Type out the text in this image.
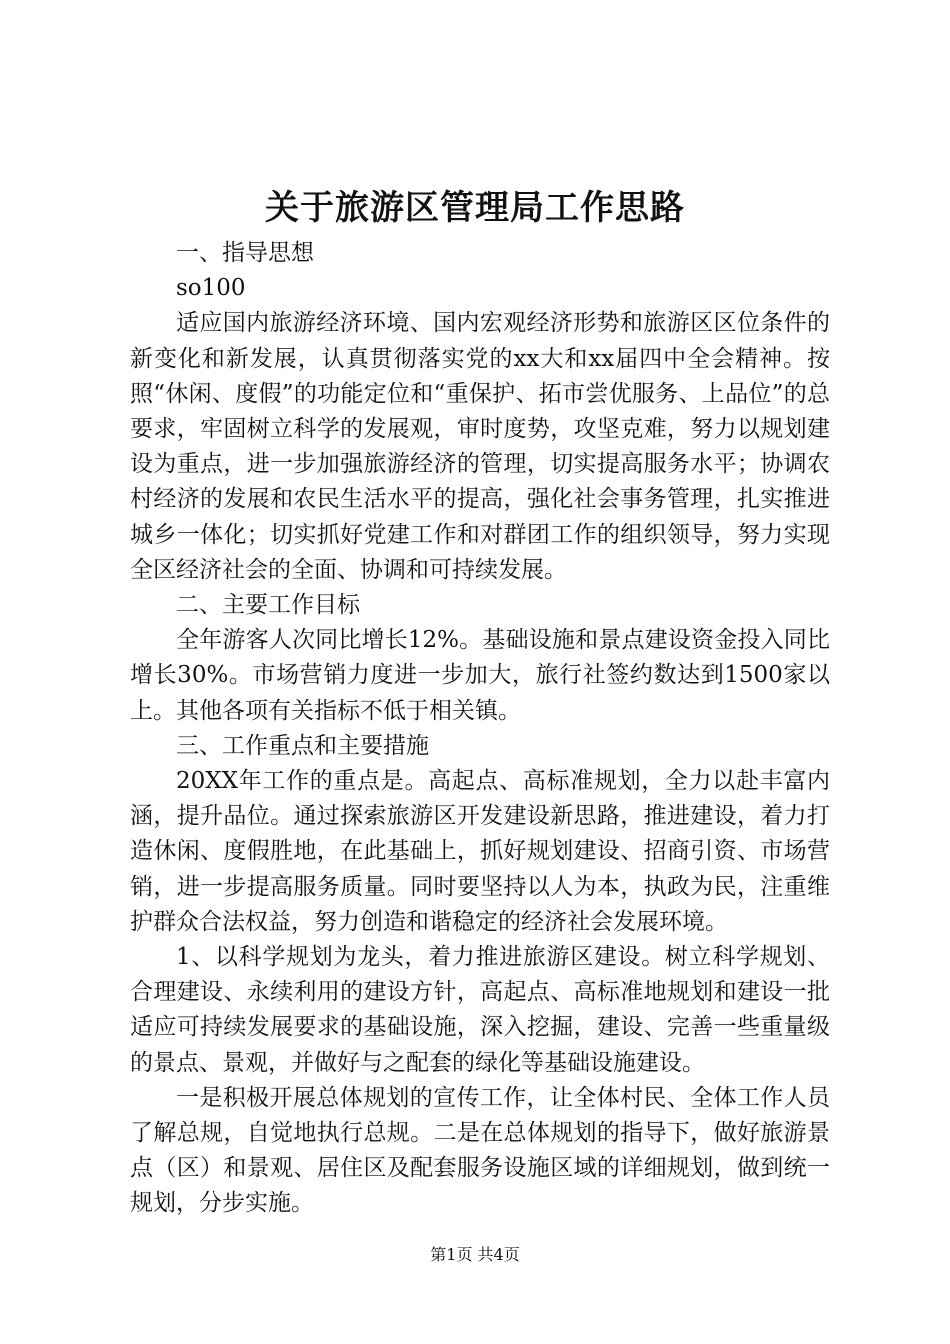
关于旅游区管理局工作思路

一、指导思想

so100

适应国内旅游经济环境、国内宏观经济形势和旅游区区位条件的新变化和新发展，认真贯彻落实党的xx大和xx届四中全会精神。按照“休闲、度假”的功能定位和“重保护、拓市尝优服务、上品位”的总要求，牢固树立科学的发展观，审时度势，攻坚克难，努力以规划建设为重点，进一步加强旅游经济的管理，切实提高服务水平；协调农村经济的发展和农民生活水平的提高，强化社会事务管理，扎实推进城乡一体化；切实抓好党建工作和对群团工作的组织领导，努力实现全区经济社会的全面、协调和可持续发展。

二、主要工作目标

全年游客人次同比增长12%。基础设施和景点建设资金投入同比增长30%。市场营销力度进一步加大，旅行社签约数达到1500家以上。其他各项有关指标不低于相关镇。

三、工作重点和主要措施

20XX年工作的重点是。高起点、高标准规划，全力以赴丰富内涵，提升品位。通过探索旅游区开发建设新思路，推进建设，着力打造休闲、度假胜地，在此基础上，抓好规划建设、招商引资、市场营销，进一步提高服务质量。同时要坚持以人为本，执政为民，注重维护群众合法权益，努力创造和谐稳定的经济社会发展环境。

1、以科学规划为龙头，着力推进旅游区建设。树立科学规划、合理建设、永续利用的建设方针，高起点、高标准地规划和建设一批适应可持续发展要求的基础设施，深入挖掘，建设、完善一些重量级的景点、景观，并做好与之配套的绿化等基础设施建设。

一是积极开展总体规划的宣传工作，让全体村民、全体工作人员了解总规，自觉地执行总规。二是在总体规划的指导下，做好旅游景点（区）和景观、居住区及配套服务设施区域的详细规划，做到统一规划，分步实施。

第1页 共4页
